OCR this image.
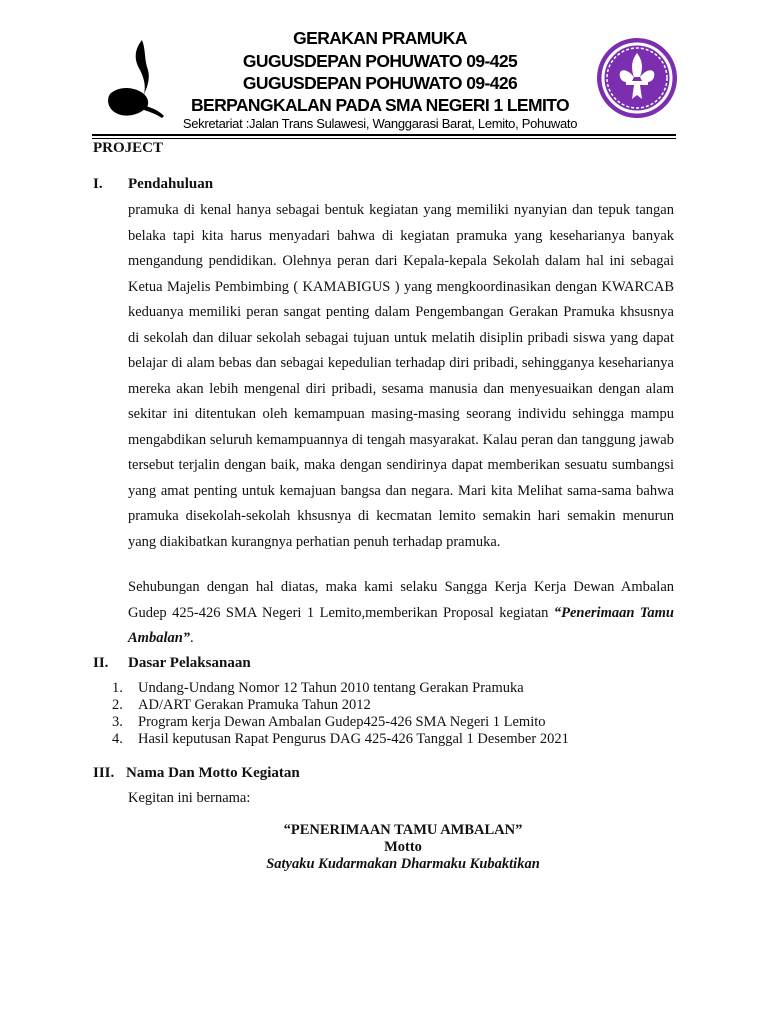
GERAKAN PRAMUKA
GUGUSDEPAN POHUWATO 09-425
GUGUSDEPAN POHUWATO 09-426
BERPANGKALAN PADA SMA NEGERI 1 LEMITO
Sekretariat :Jalan Trans Sulawesi, Wanggarasi Barat, Lemito, Pohuwato
PROJECT
I. Pendahuluan

pramuka di kenal hanya sebagai bentuk kegiatan yang memiliki nyanyian dan tepuk tangan belaka tapi kita harus menyadari bahwa di kegiatan pramuka yang keseharianya banyak mengandung pendidikan. Olehnya peran dari Kepala-kepala Sekolah dalam hal ini sebagai Ketua Majelis Pembimbing ( KAMABIGUS ) yang mengkoordinasikan dengan KWARCAB keduanya memiliki peran sangat penting dalam Pengembangan Gerakan Pramuka khsusnya di sekolah dan diluar sekolah sebagai tujuan untuk melatih disiplin pribadi siswa yang dapat belajar di alam bebas dan sebagai kepedulian terhadap diri pribadi, sehingganya keseharianya mereka akan lebih mengenal diri pribadi, sesama manusia dan menyesuaikan dengan alam sekitar ini ditentukan oleh kemampuan masing-masing seorang individu sehingga mampu mengabdikan seluruh kemampuannya di tengah masyarakat. Kalau peran dan tanggung jawab tersebut terjalin dengan baik, maka dengan sendirinya dapat memberikan sesuatu sumbangsi yang amat penting untuk kemajuan bangsa dan negara. Mari kita Melihat sama-sama bahwa pramuka disekolah-sekolah khsusnya di kecmatan lemito semakin hari semakin menurun yang diakibatkan kurangnya perhatian penuh terhadap pramuka.

Sehubungan dengan hal diatas, maka kami selaku Sangga Kerja Kerja Dewan Ambalan Gudep 425-426 SMA Negeri 1 Lemito,memberikan Proposal kegiatan “Penerimaan Tamu Ambalan”.

II. Dasar Pelaksanaan
1.	Undang-Undang Nomor 12 Tahun 2010 tentang Gerakan Pramuka
2.	AD/ART Gerakan Pramuka Tahun 2012
3.	Program kerja Dewan Ambalan Gudep425-426 SMA Negeri 1 Lemito
4.	Hasil keputusan Rapat Pengurus DAG 425-426 Tanggal 1 Desember 2021
III. Nama Dan Motto Kegiatan
Kegitan ini bernama:
“PENERIMAAN TAMU AMBALAN”
Motto
Satyaku Kudarmakan Dharmaku Kubaktikan
